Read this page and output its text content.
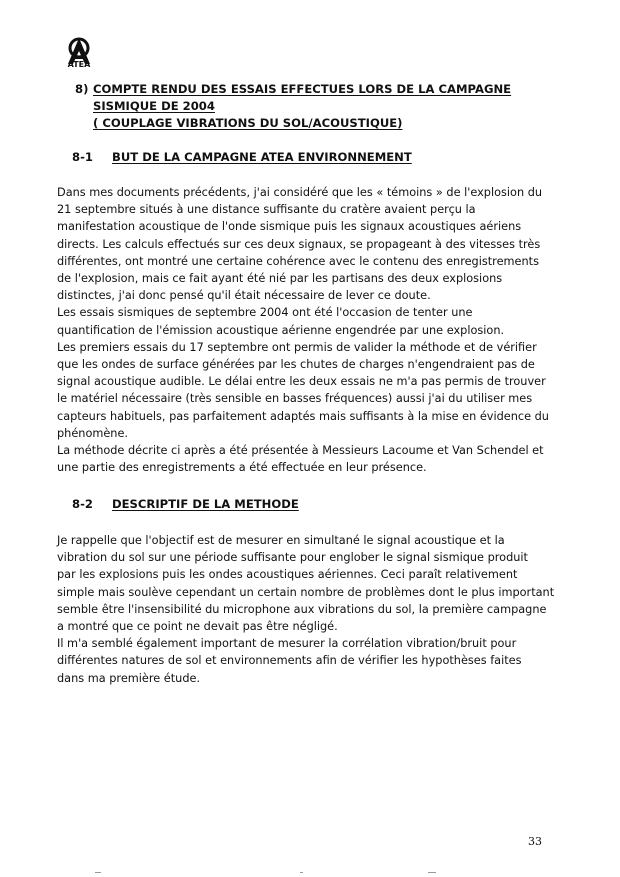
ATEA
8) COMPTE RENDU DES ESSAIS EFFECTUES LORS DE LA CAMPAGNE
SISMIQUE DE 2004
( COUPLAGE VIBRATIONS DU SOL/ACOUSTIQUE)
8-1 BUT DE LA CAMPAGNE ATEA ENVIRONNEMENT
Dans mes documents précédents, j'ai considéré que les « témoins » de l'explosion du
21 septembre situés à une distance suffisante du cratère avaient perçu la
manifestation acoustique de l'onde sismique puis les signaux acoustiques aériens
directs. Les calculs effectués sur ces deux signaux, se propageant à des vitesses très
différentes, ont montré une certaine cohérence avec le contenu des enregistrements
de l'explosion, mais ce fait ayant été nié par les partisans des deux explosions
distinctes, j'ai donc pensé qu'il était nécessaire de lever ce doute.
Les essais sismiques de septembre 2004 ont été l'occasion de tenter une
quantification de l'émission acoustique aérienne engendrée par une explosion.
Les premiers essais du 17 septembre ont permis de valider la méthode et de vérifier
que les ondes de surface générées par les chutes de charges n'engendraient pas de
signal acoustique audible. Le délai entre les deux essais ne m'a pas permis de trouver
le matériel nécessaire (très sensible en basses fréquences) aussi j'ai du utiliser mes
capteurs habituels, pas parfaitement adaptés mais suffisants à la mise en évidence du
phénomène.
La méthode décrite ci après a été présentée à Messieurs Lacoume et Van Schendel et
une partie des enregistrements a été effectuée en leur présence.
8-2 DESCRIPTIF DE LA METHODE
Je rappelle que l'objectif est de mesurer en simultané le signal acoustique et la
vibration du sol sur une période suffisante pour englober le signal sismique produit
par les explosions puis les ondes acoustiques aériennes. Ceci paraît relativement
simple mais soulève cependant un certain nombre de problèmes dont le plus important
semble être l'insensibilité du microphone aux vibrations du sol, la première campagne
a montré que ce point ne devait pas être négligé.
Il m'a semblé également important de mesurer la corrélation vibration/bruit pour
différentes natures de sol et environnements afin de vérifier les hypothèses faites
dans ma première étude.
33
